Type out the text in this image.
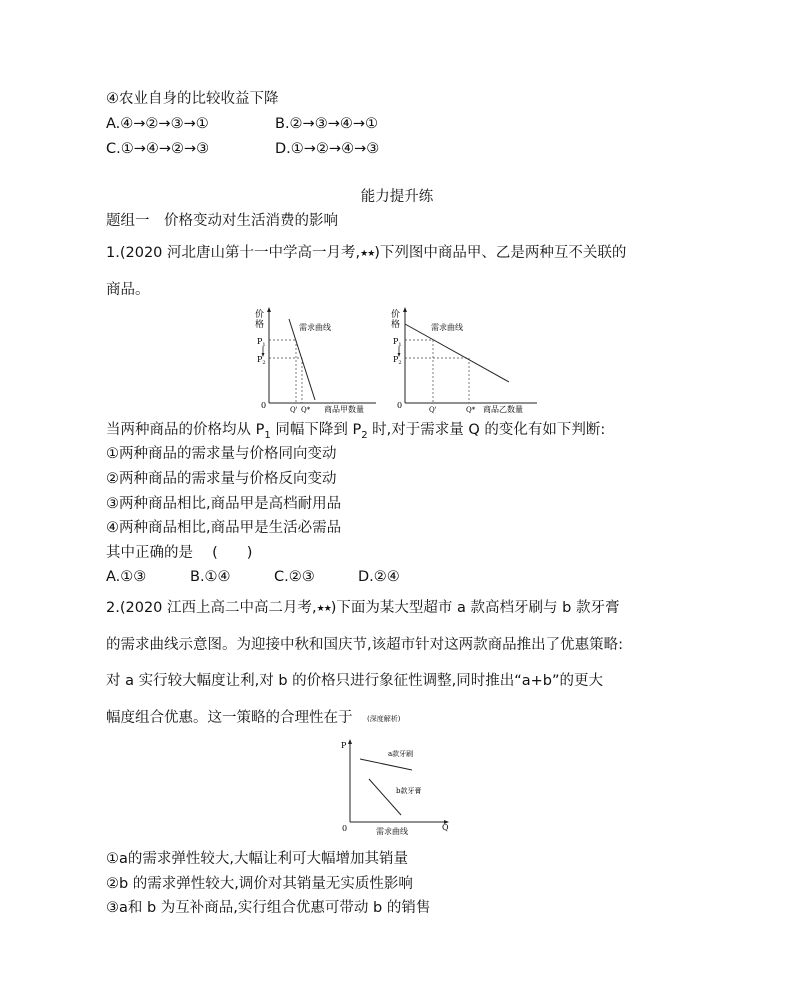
④农业自身的比较收益下降
A.④→②→③→①	B.②→③→④→①
C.①→④→②→③	D.①→②→④→③
能力提升练
题组一　价格变动对生活消费的影响
1.(2020 河北唐山第十一中学高一月考,★★)下列图中商品甲、乙是两种互不关联的
商品。
价
格
$P_1$
$P_2$
需求曲线
0	Q' Q* 商品甲数量
价
格
$P_1$
$P_2$
需求曲线
0	Q'	Q* 商品乙数量
当两种商品的价格均从 $P_1$ 同幅下降到 $P_2$ 时,对于需求量 Q 的变化有如下判断:
①两种商品的需求量与价格同向变动
②两种商品的需求量与价格反向变动
③两种商品相比,商品甲是高档耐用品
④两种商品相比,商品甲是生活必需品
其中正确的是　 (　　)
A.①③	B.①④	C.②③	D.②④
2.(2020 江西上高二中高二月考,★★)下面为某大型超市 a 款高档牙刷与 b 款牙膏
的需求曲线示意图。为迎接中秋和国庆节,该超市针对这两款商品推出了优惠策略:
对 a 实行较大幅度让利,对 b 的价格只进行象征性调整,同时推出“a+b”的更大
幅度组合优惠。这一策略的合理性在于　(深度解析)
P
Q
0
a款牙刷
b款牙膏
需求曲线
①a的需求弹性较大,大幅让利可大幅增加其销量
②b 的需求弹性较大,调价对其销量无实质性影响
③a和 b 为互补商品,实行组合优惠可带动 b 的销售
